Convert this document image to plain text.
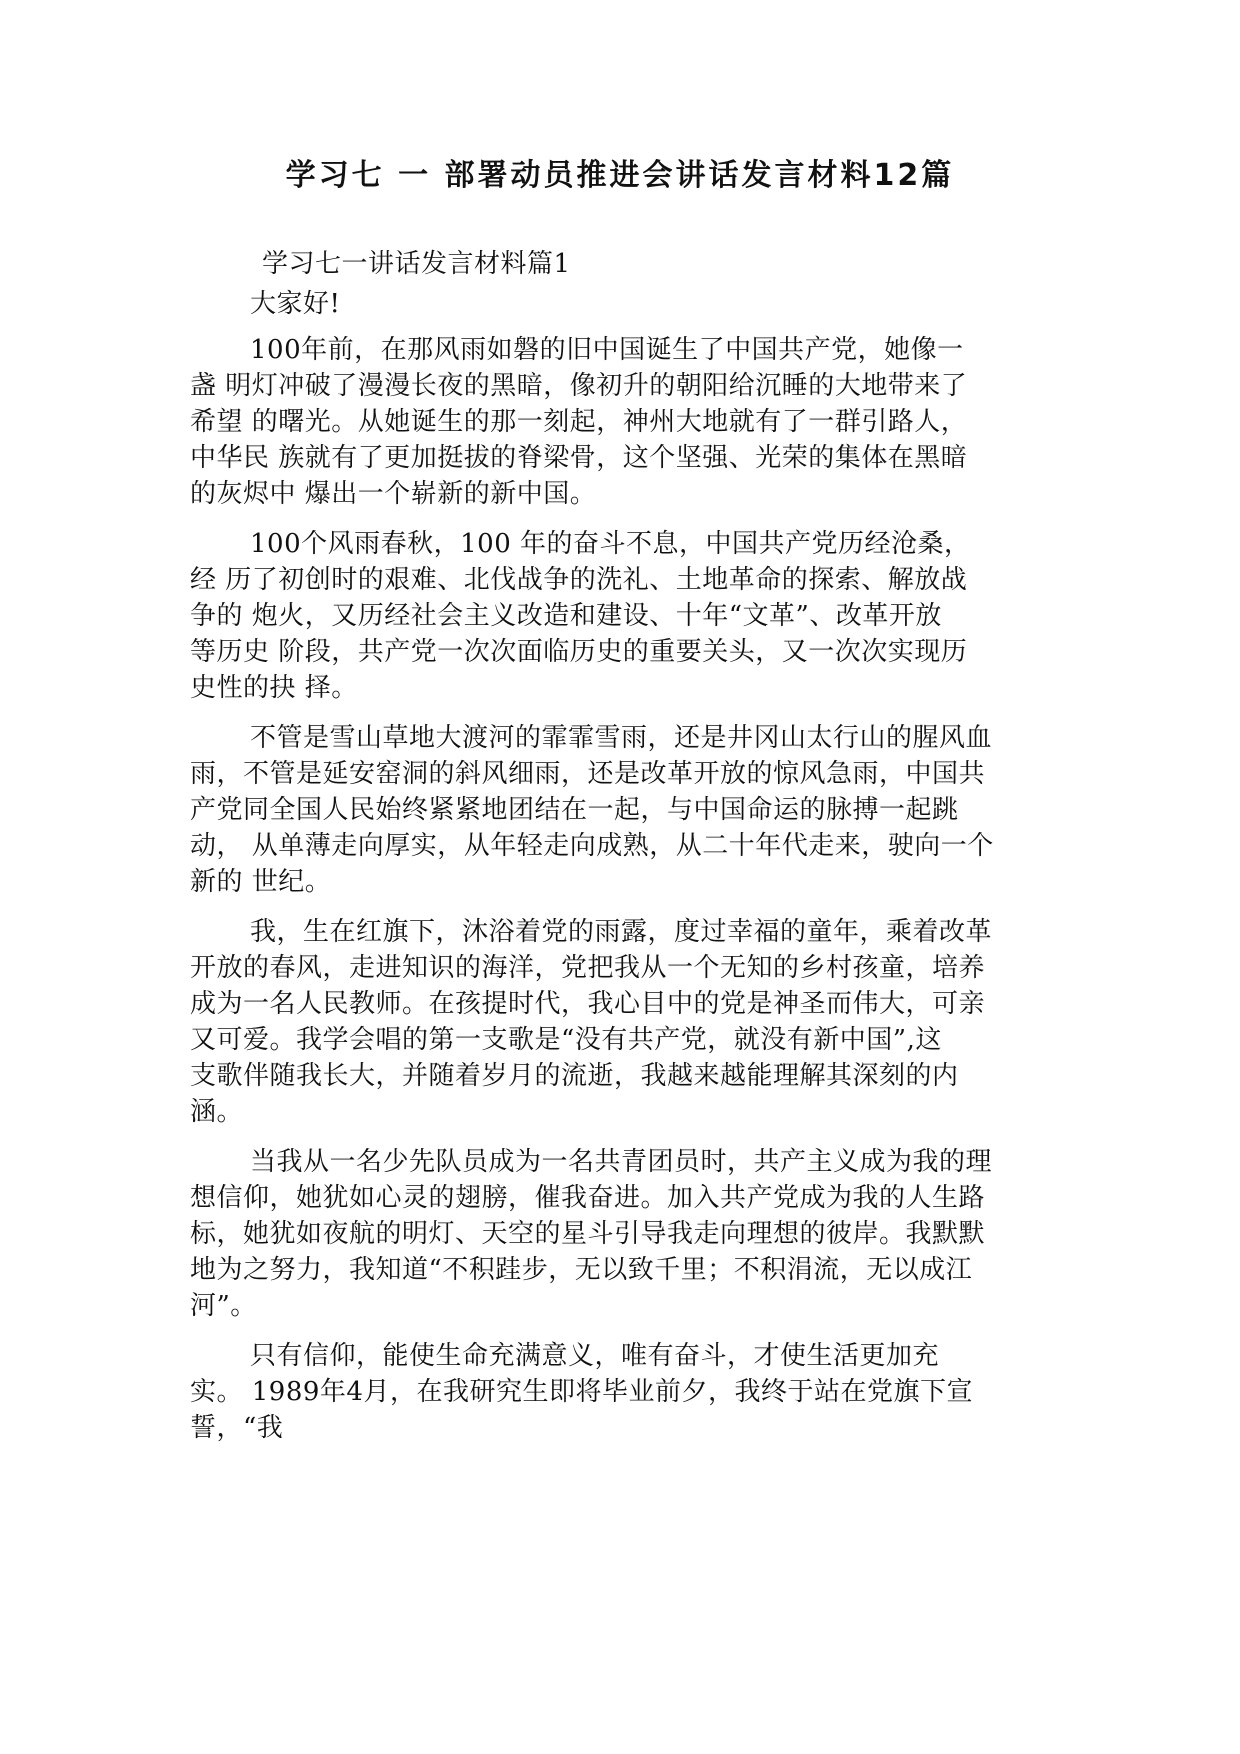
学习七 一 部署动员推进会讲话发言材料12篇
学习七一讲话发言材料篇1
大家好!
100年前，在那风雨如磐的旧中国诞生了中国共产党，她像一
盏 明灯冲破了漫漫长夜的黑暗，像初升的朝阳给沉睡的大地带来了
希望 的曙光。从她诞生的那一刻起，神州大地就有了一群引路人，
中华民 族就有了更加挺拔的脊梁骨，这个坚强、光荣的集体在黑暗
的灰烬中 爆出一个崭新的新中国。
100个风雨春秋，100 年的奋斗不息，中国共产党历经沧桑，
经 历了初创时的艰难、北伐战争的洗礼、土地革命的探索、解放战
争的 炮火，又历经社会主义改造和建设、十年“文革”、改革开放
等历史 阶段，共产党一次次面临历史的重要关头，又一次次实现历
史性的抉 择。
不管是雪山草地大渡河的霏霏雪雨，还是井冈山太行山的腥风血
雨，不管是延安窑洞的斜风细雨，还是改革开放的惊风急雨，中国共
产党同全国人民始终紧紧地团结在一起，与中国命运的脉搏一起跳
动， 从单薄走向厚实，从年轻走向成熟，从二十年代走来，驶向一个
新的 世纪。
我，生在红旗下，沐浴着党的雨露，度过幸福的童年，乘着改革
开放的春风，走进知识的海洋，党把我从一个无知的乡村孩童，培养
成为一名人民教师。在孩提时代，我心目中的党是神圣而伟大，可亲
又可爱。我学会唱的第一支歌是“没有共产党，就没有新中国”,这
支歌伴随我长大，并随着岁月的流逝，我越来越能理解其深刻的内
涵。
当我从一名少先队员成为一名共青团员时，共产主义成为我的理
想信仰，她犹如心灵的翅膀，催我奋进。加入共产党成为我的人生路
标，她犹如夜航的明灯、天空的星斗引导我走向理想的彼岸。我默默
地为之努力，我知道“不积跬步，无以致千里；不积涓流，无以成江
河”。
只有信仰，能使生命充满意义，唯有奋斗，才使生活更加充
实。 1989年4月，在我研究生即将毕业前夕，我终于站在党旗下宣
誓，“我
